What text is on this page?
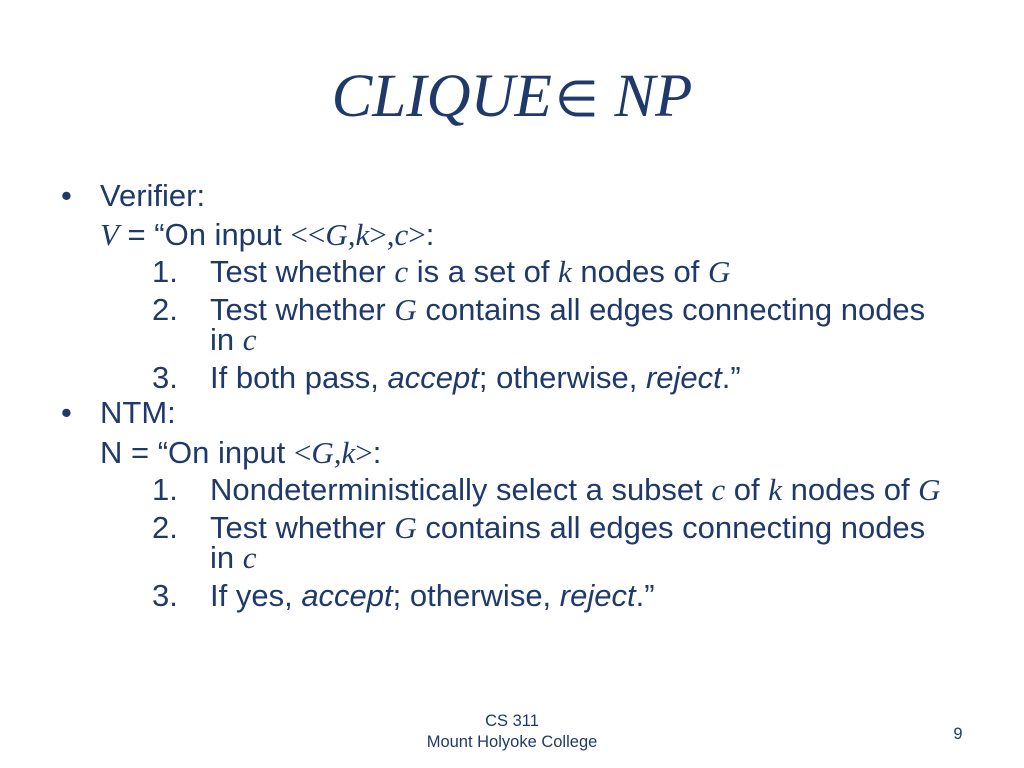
CLIQUE∈ NP
• Verifier:
V = “On input <<G,k>,c>:
1. Test whether c is a set of k nodes of G
2. Test whether G contains all edges connecting nodes
in c
3. If both pass, accept; otherwise, reject.”
• NTM:
N = “On input <G,k>:
1. Nondeterministically select a subset c of k nodes of G
2. Test whether G contains all edges connecting nodes
in c
3. If yes, accept; otherwise, reject.”
CS 311
Mount Holyoke College	9
